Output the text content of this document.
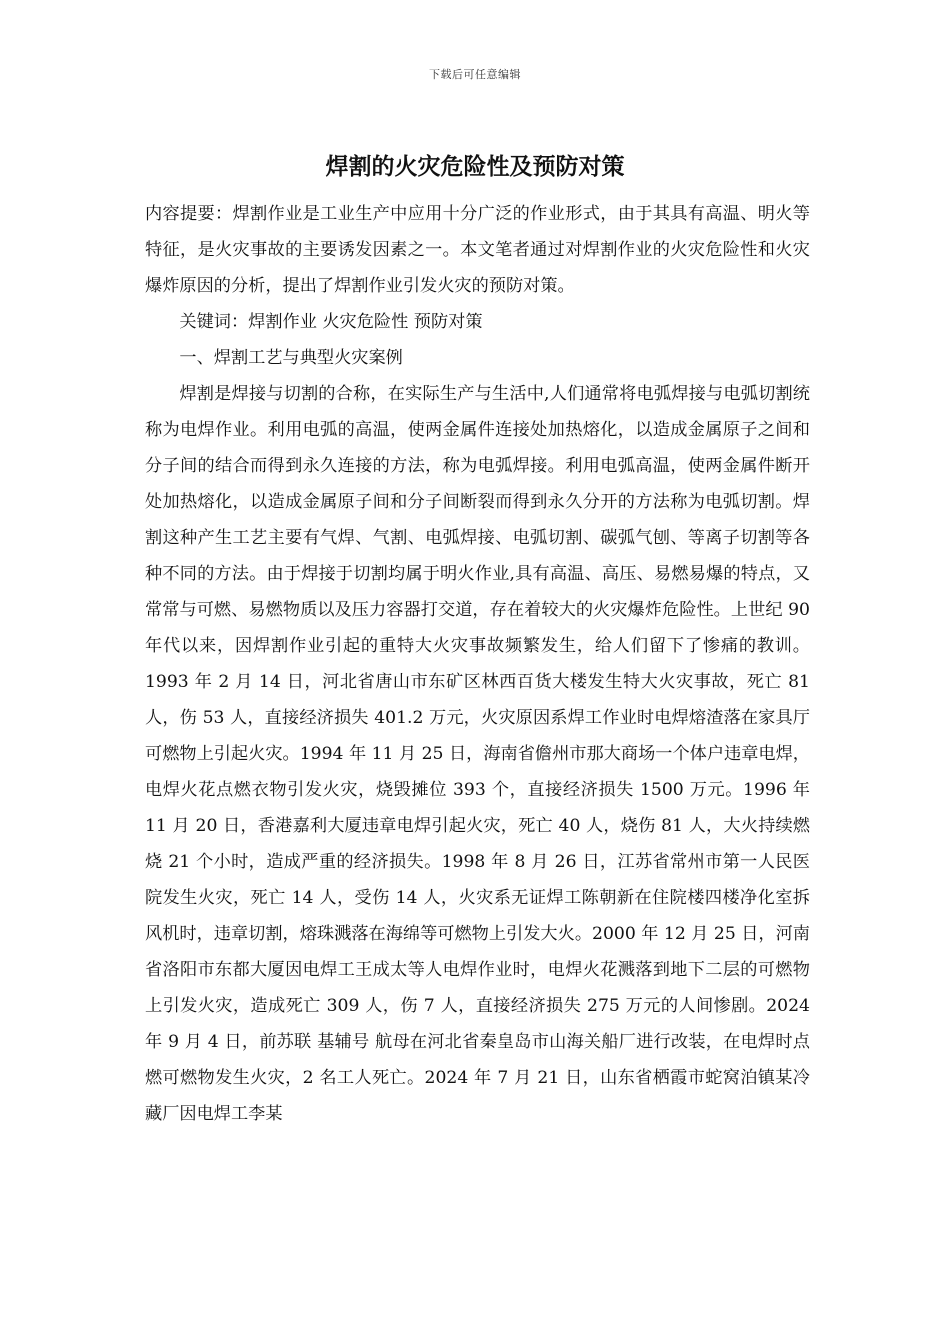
下载后可任意编辑
焊割的火灾危险性及预防对策

内容提要：焊割作业是工业生产中应用十分广泛的作业形式，由于其具有高温、明火等特征，是火灾事故的主要诱发因素之一。本文笔者通过对焊割作业的火灾危险性和火灾爆炸原因的分析，提出了焊割作业引发火灾的预防对策。

关键词：焊割作业 火灾危险性 预防对策

一、焊割工艺与典型火灾案例

焊割是焊接与切割的合称，在实际生产与生活中,人们通常将电弧焊接与电弧切割统称为电焊作业。利用电弧的高温，使两金属件连接处加热熔化，以造成金属原子之间和分子间的结合而得到永久连接的方法，称为电弧焊接。利用电弧高温，使两金属件断开处加热熔化，以造成金属原子间和分子间断裂而得到永久分开的方法称为电弧切割。焊割这种产生工艺主要有气焊、气割、电弧焊接、电弧切割、碳弧气刨、等离子切割等各种不同的方法。由于焊接于切割均属于明火作业,具有高温、高压、易燃易爆的特点，又常常与可燃、易燃物质以及压力容器打交道，存在着较大的火灾爆炸危险性。上世纪 90 年代以来，因焊割作业引起的重特大火灾事故频繁发生，给人们留下了惨痛的教训。1993 年 2 月 14 日，河北省唐山市东矿区林西百货大楼发生特大火灾事故，死亡 81 人，伤 53 人，直接经济损失 401.2 万元，火灾原因系焊工作业时电焊熔渣落在家具厅可燃物上引起火灾。1994 年 11 月 25 日，海南省儋州市那大商场一个体户违章电焊，电焊火花点燃衣物引发火灾，烧毁摊位 393 个，直接经济损失 1500 万元。1996 年 11 月 20 日，香港嘉利大厦违章电焊引起火灾，死亡 40 人，烧伤 81 人，大火持续燃烧 21 个小时，造成严重的经济损失。1998 年 8 月 26 日，江苏省常州市第一人民医院发生火灾，死亡 14 人，受伤 14 人，火灾系无证焊工陈朝新在住院楼四楼净化室拆风机时，违章切割，熔珠溅落在海绵等可燃物上引发大火。2000 年 12 月 25 日，河南省洛阳市东都大厦因电焊工王成太等人电焊作业时，电焊火花溅落到地下二层的可燃物上引发火灾，造成死亡 309 人，伤 7 人，直接经济损失 275 万元的人间惨剧。2024 年 9 月 4 日，前苏联 基辅号 航母在河北省秦皇岛市山海关船厂进行改装，在电焊时点燃可燃物发生火灾，2 名工人死亡。2024 年 7 月 21 日，山东省栖霞市蛇窝泊镇某冷藏厂因电焊工李某
